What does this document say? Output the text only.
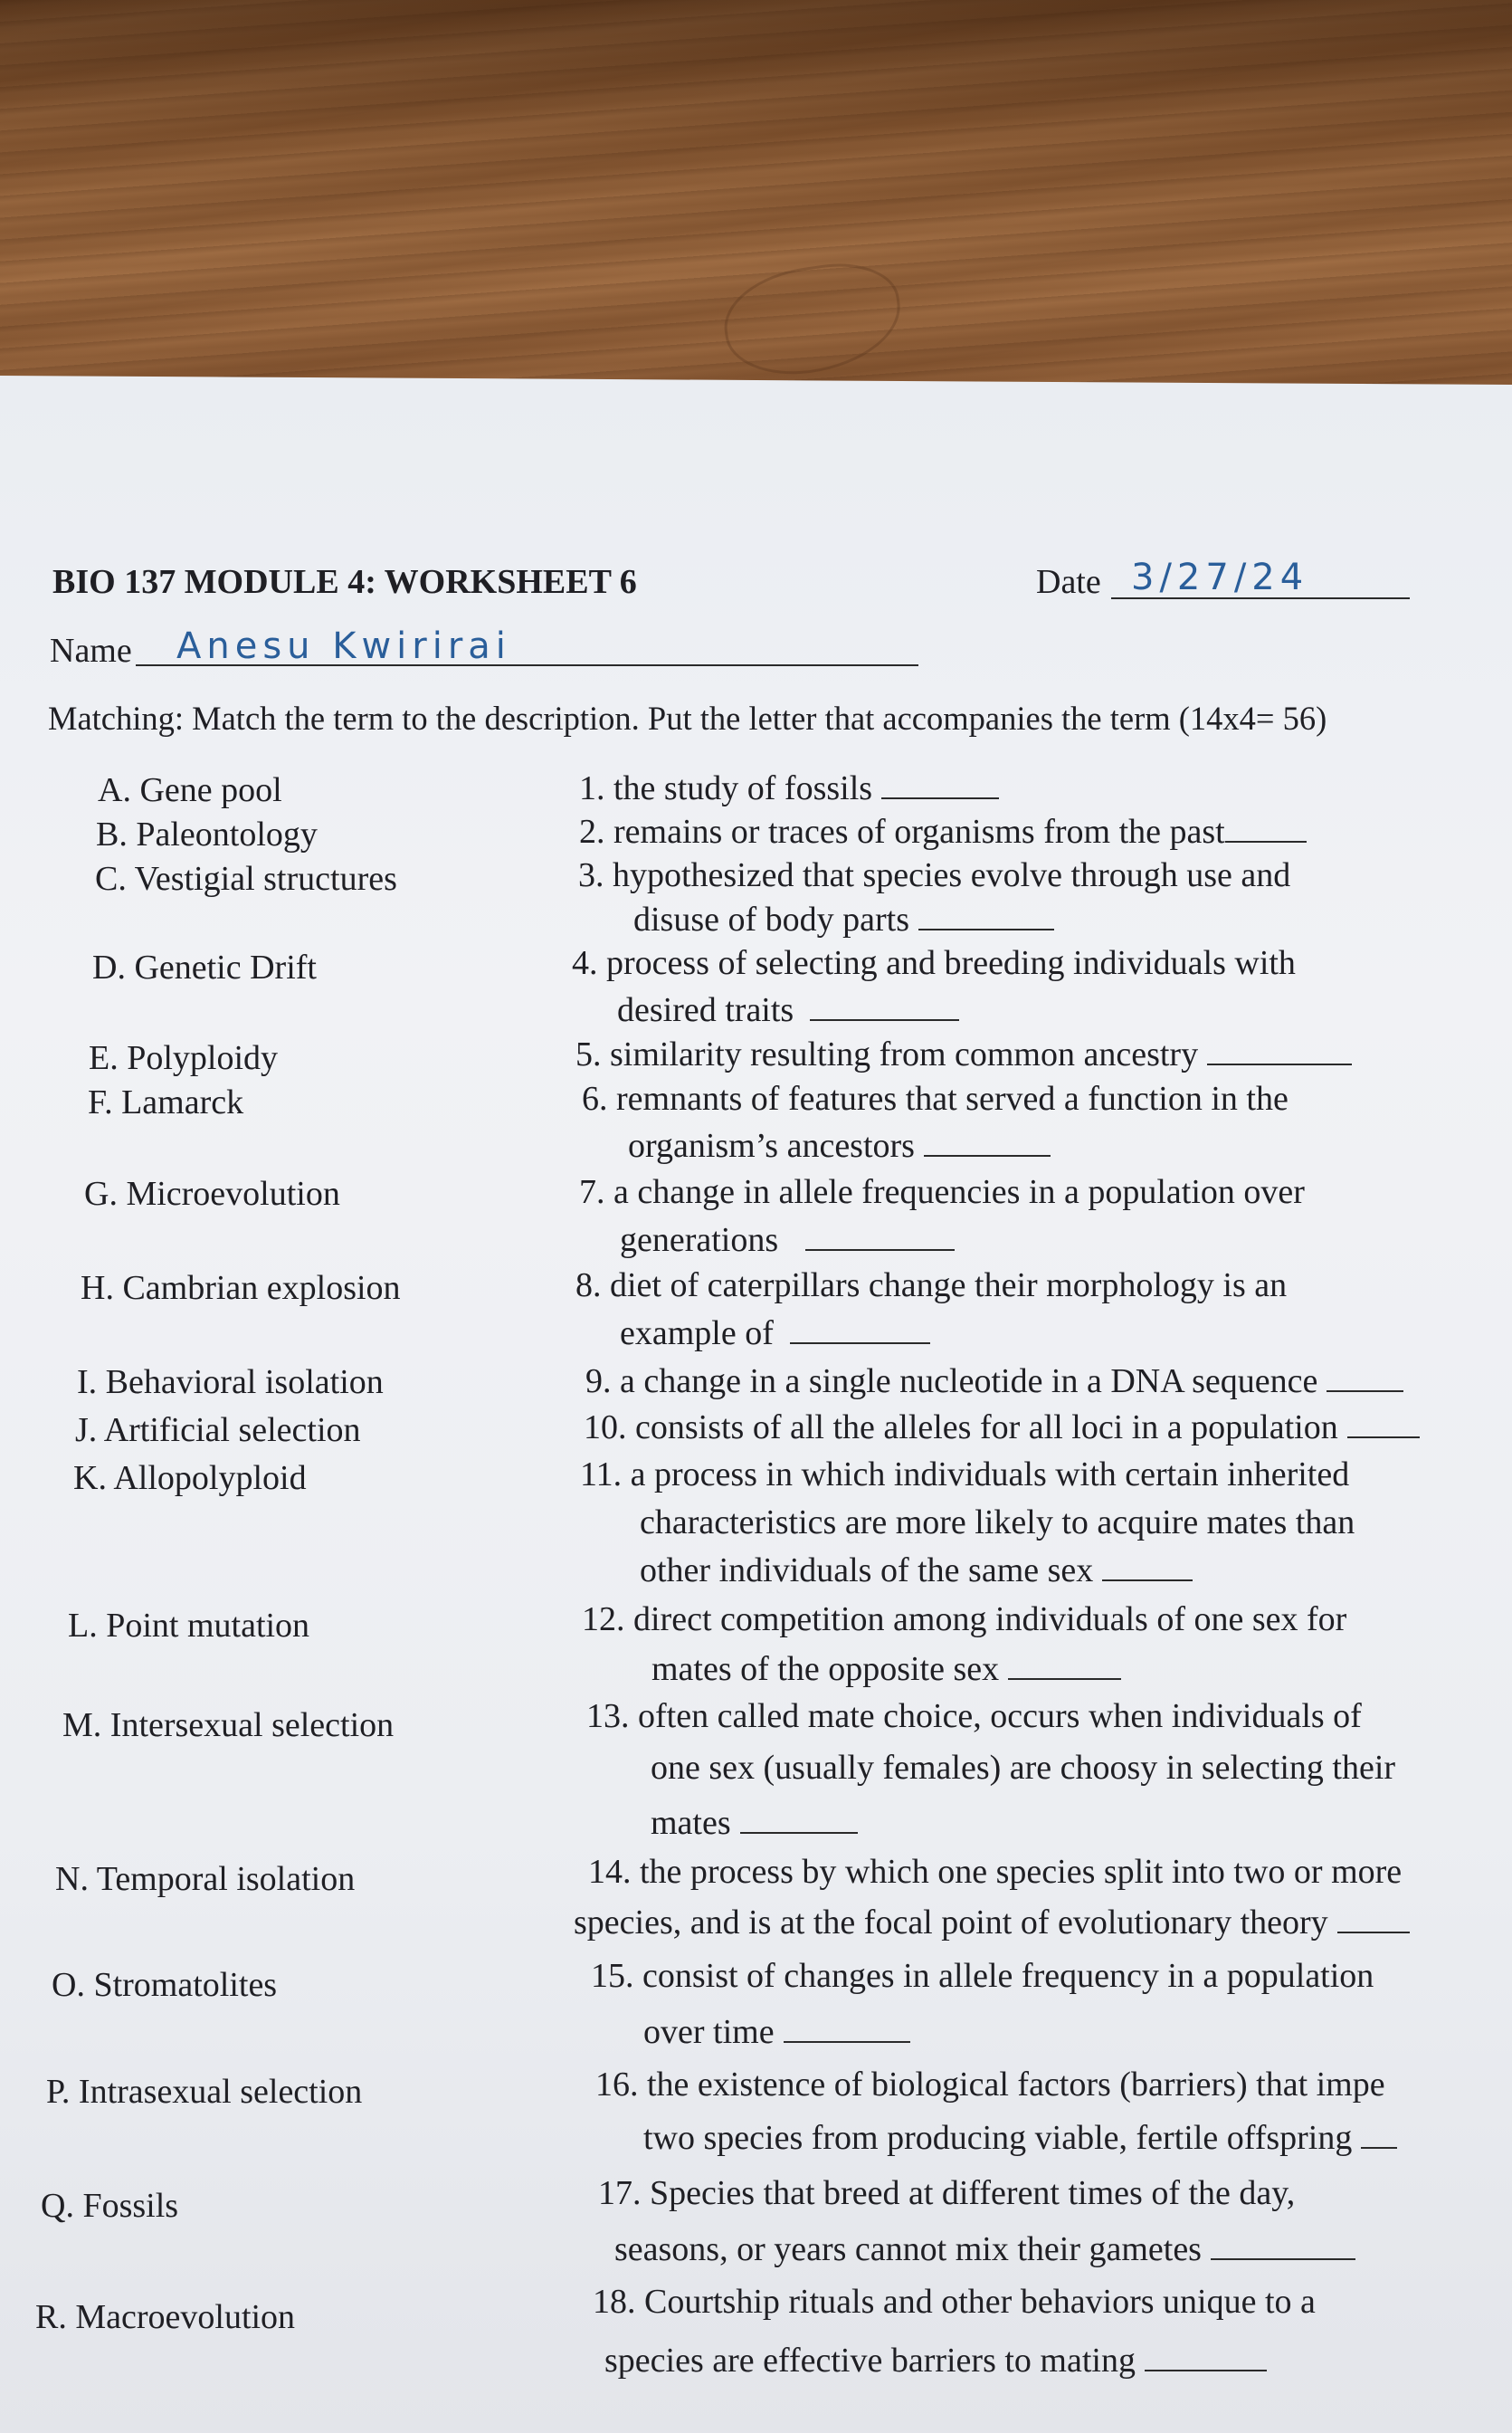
BIO 137 MODULE 4: WORKSHEET 6	Date 3/27/24
Name Anesu Kwirirai
Matching: Match the term to the description. Put the letter that accompanies the term (14x4= 56)
A. Gene pool
B. Paleontology
C. Vestigial structures
D. Genetic Drift
E. Polyploidy
F. Lamarck
G. Microevolution
H. Cambrian explosion
I. Behavioral isolation
J. Artificial selection
K. Allopolyploid
L. Point mutation
M. Intersexual selection
N. Temporal isolation
O. Stromatolites
P. Intrasexual selection
Q. Fossils
R. Macroevolution
1. the study of fossils
2. remains or traces of organisms from the past
3. hypothesized that species evolve through use and
disuse of body parts
4. process of selecting and breeding individuals with
desired traits
5. similarity resulting from common ancestry
6. remnants of features that served a function in the
organism’s ancestors
7. a change in allele frequencies in a population over
generations
8. diet of caterpillars change their morphology is an
example of
9. a change in a single nucleotide in a DNA sequence
10. consists of all the alleles for all loci in a population
11. a process in which individuals with certain inherited
characteristics are more likely to acquire mates than
other individuals of the same sex
12. direct competition among individuals of one sex for
mates of the opposite sex
13. often called mate choice, occurs when individuals of
one sex (usually females) are choosy in selecting their
mates
14. the process by which one species split into two or more
species, and is at the focal point of evolutionary theory
15. consist of changes in allele frequency in a population
over time
16. the existence of biological factors (barriers) that impe
two species from producing viable, fertile offspring
17. Species that breed at different times of the day,
seasons, or years cannot mix their gametes
18. Courtship rituals and other behaviors unique to a
species are effective barriers to mating
